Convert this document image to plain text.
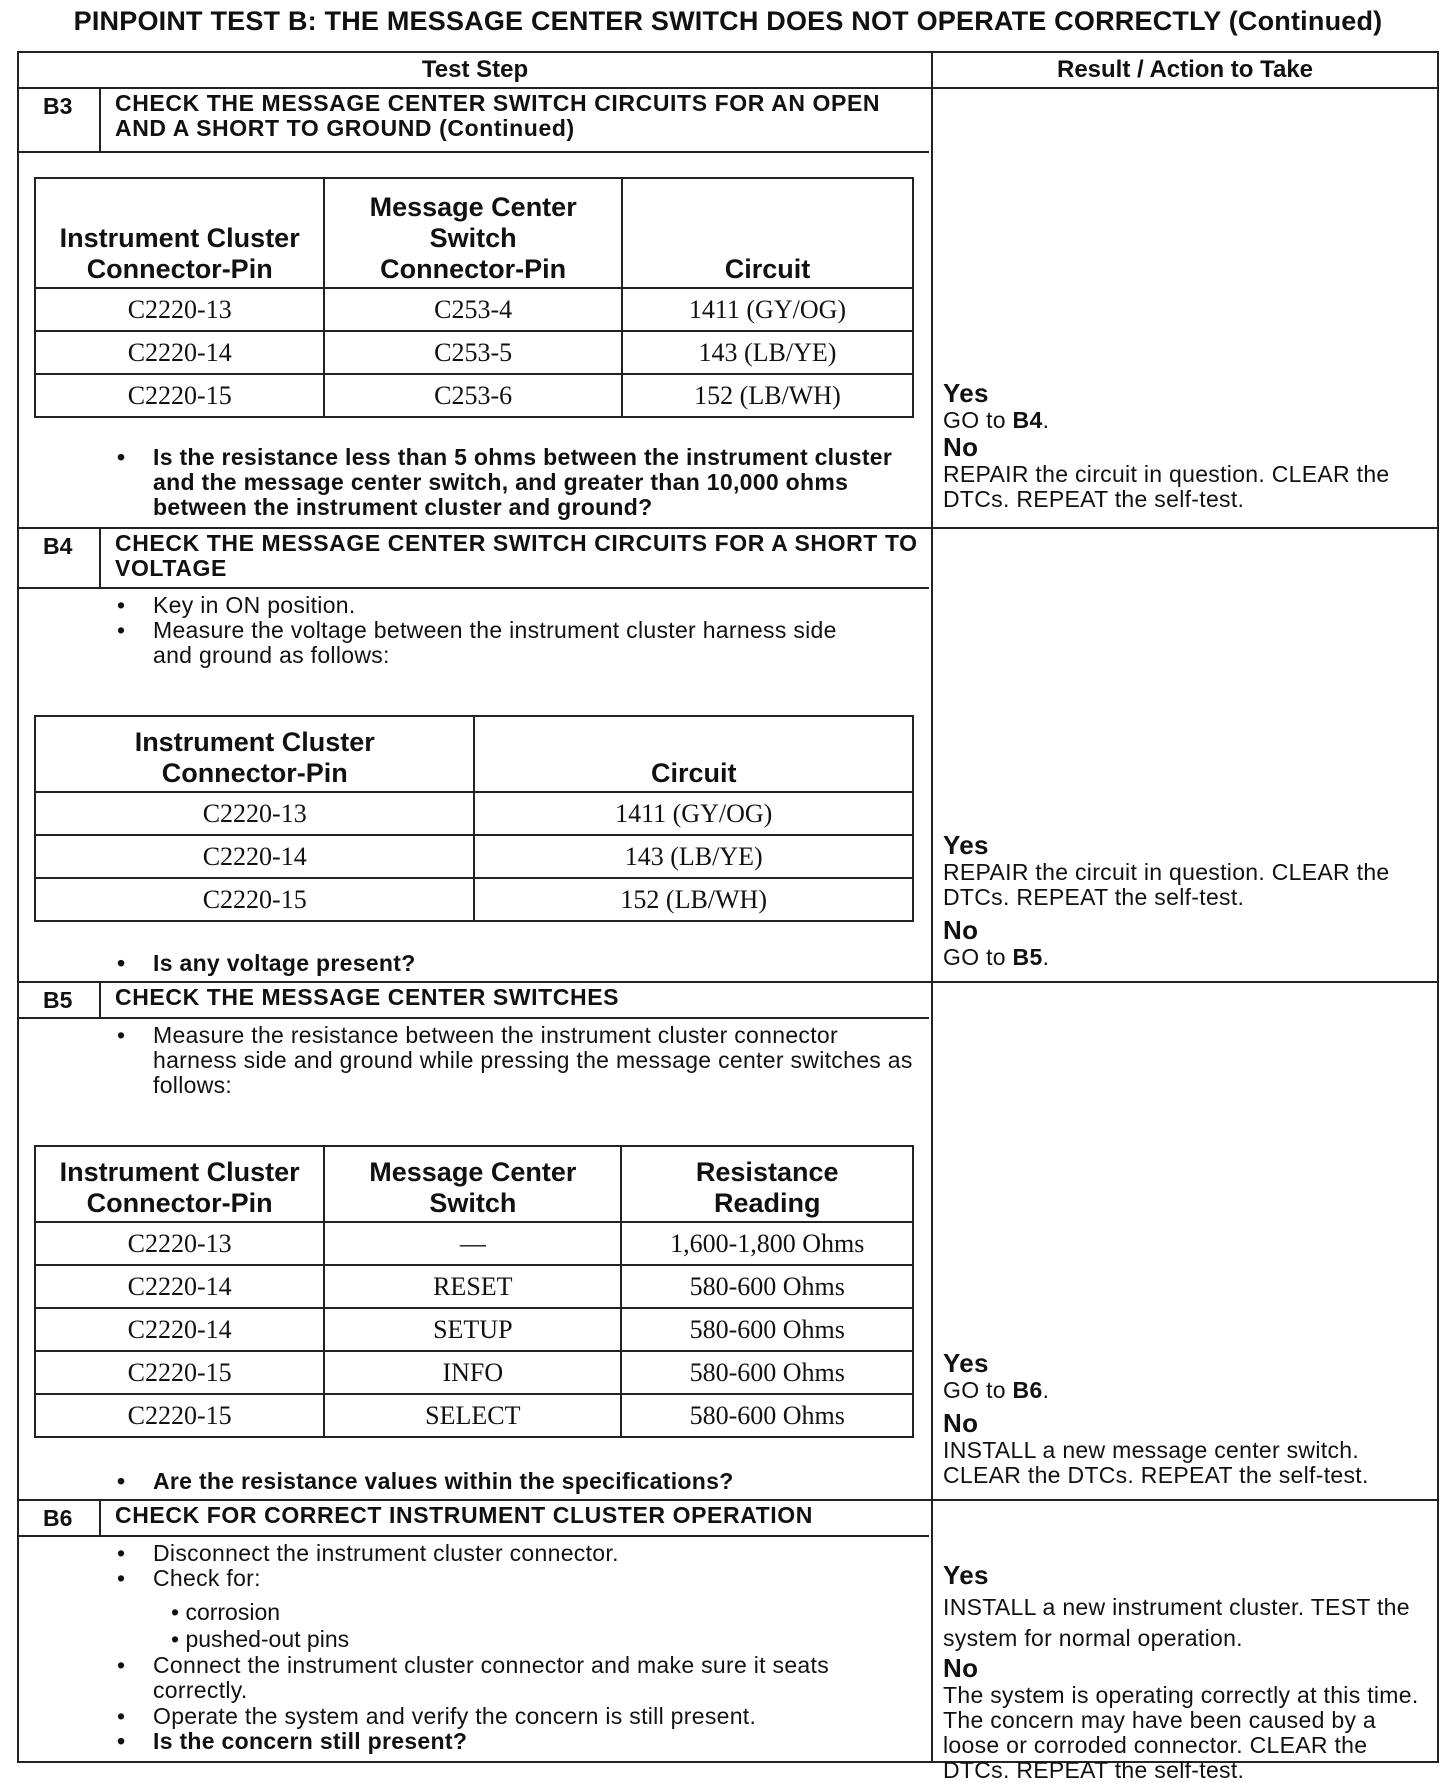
PINPOINT TEST B: THE MESSAGE CENTER SWITCH DOES NOT OPERATE CORRECTLY (Continued)
Test Step	Result / Action to Take
B3	CHECK THE MESSAGE CENTER SWITCH CIRCUITS FOR AN OPEN AND A SHORT TO GROUND (Continued)
Instrument Cluster Connector-Pin	Message Center Switch Connector-Pin	Circuit
C2220-13	C253-4	1411 (GY/OG)
C2220-14	C253-5	143 (LB/YE)
C2220-15	C253-6	152 (LB/WH)
• Is the resistance less than 5 ohms between the instrument cluster and the message center switch, and greater than 10,000 ohms between the instrument cluster and ground?
Yes
GO to B4.
No
REPAIR the circuit in question. CLEAR the DTCs. REPEAT the self-test.
B4	CHECK THE MESSAGE CENTER SWITCH CIRCUITS FOR A SHORT TO VOLTAGE
• Key in ON position.
• Measure the voltage between the instrument cluster harness side and ground as follows:
Instrument Cluster Connector-Pin	Circuit
C2220-13	1411 (GY/OG)
C2220-14	143 (LB/YE)
C2220-15	152 (LB/WH)
• Is any voltage present?
Yes
REPAIR the circuit in question. CLEAR the DTCs. REPEAT the self-test.
No
GO to B5.
B5	CHECK THE MESSAGE CENTER SWITCHES
• Measure the resistance between the instrument cluster connector harness side and ground while pressing the message center switches as follows:
Instrument Cluster Connector-Pin	Message Center Switch	Resistance Reading
C2220-13	—	1,600-1,800 Ohms
C2220-14	RESET	580-600 Ohms
C2220-14	SETUP	580-600 Ohms
C2220-15	INFO	580-600 Ohms
C2220-15	SELECT	580-600 Ohms
• Are the resistance values within the specifications?
Yes
GO to B6.
No
INSTALL a new message center switch. CLEAR the DTCs. REPEAT the self-test.
B6	CHECK FOR CORRECT INSTRUMENT CLUSTER OPERATION
• Disconnect the instrument cluster connector.
• Check for:
• corrosion
• pushed-out pins
• Connect the instrument cluster connector and make sure it seats correctly.
• Operate the system and verify the concern is still present.
• Is the concern still present?
Yes
INSTALL a new instrument cluster. TEST the system for normal operation.
No
The system is operating correctly at this time. The concern may have been caused by a loose or corroded connector. CLEAR the DTCs. REPEAT the self-test.
